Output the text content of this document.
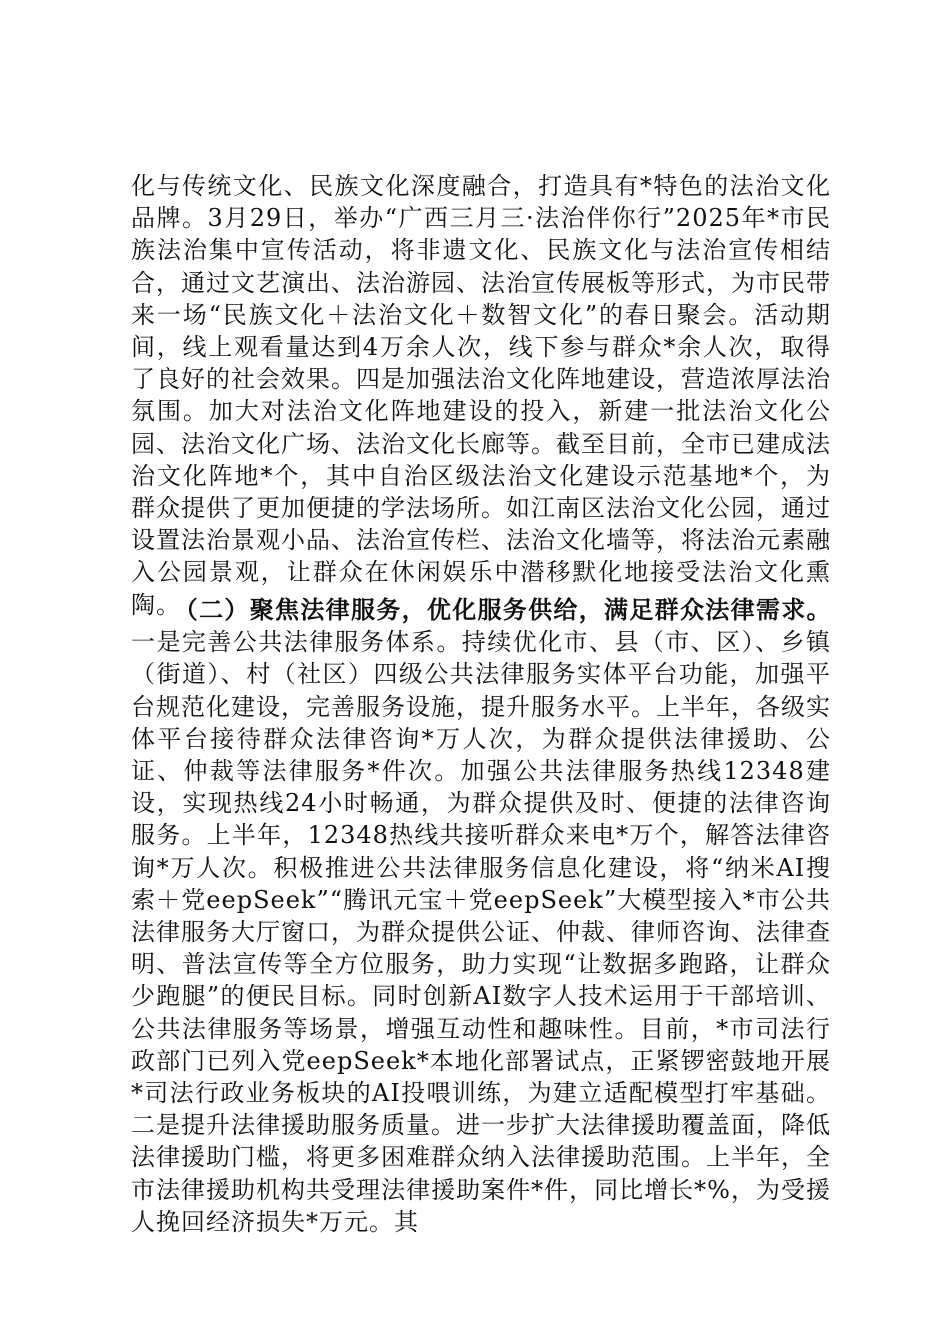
化与传统文化、民族文化深度融合，打造具有*特色的法治文化品牌。3月29日，举办“广西三月三·法治伴你行”2025年*市民族法治集中宣传活动，将非遗文化、民族文化与法治宣传相结合，通过文艺演出、法治游园、法治宣传展板等形式，为市民带来一场“民族文化＋法治文化＋数智文化”的春日聚会。活动期间，线上观看量达到4万余人次，线下参与群众*余人次，取得了良好的社会效果。四是加强法治文化阵地建设，营造浓厚法治氛围。加大对法治文化阵地建设的投入，新建一批法治文化公园、法治文化广场、法治文化长廊等。截至目前，全市已建成法治文化阵地*个，其中自治区级法治文化建设示范基地*个，为群众提供了更加便捷的学法场所。如江南区法治文化公园，通过设置法治景观小品、法治宣传栏、法治文化墙等，将法治元素融入公园景观，让群众在休闲娱乐中潜移默化地接受法治文化熏陶。

（二）聚焦法律服务，优化服务供给，满足群众法律需求。一是完善公共法律服务体系。持续优化市、县（市、区）、乡镇（街道）、村（社区）四级公共法律服务实体平台功能，加强平台规范化建设，完善服务设施，提升服务水平。上半年，各级实体平台接待群众法律咨询*万人次，为群众提供法律援助、公证、仲裁等法律服务*件次。加强公共法律服务热线12348建设，实现热线24小时畅通，为群众提供及时、便捷的法律咨询服务。上半年，12348热线共接听群众来电*万个，解答法律咨询*万人次。积极推进公共法律服务信息化建设，将“纳米AI搜索＋党eepSeek”“腾讯元宝＋党eepSeek”大模型接入*市公共法律服务大厅窗口，为群众提供公证、仲裁、律师咨询、法律查明、普法宣传等全方位服务，助力实现“让数据多跑路，让群众少跑腿”的便民目标。同时创新AI数字人技术运用于干部培训、公共法律服务等场景，增强互动性和趣味性。目前，*市司法行政部门已列入党eepSeek*本地化部署试点，正紧锣密鼓地开展*司法行政业务板块的AI投喂训练，为建立适配模型打牢基础。二是提升法律援助服务质量。进一步扩大法律援助覆盖面，降低法律援助门槛，将更多困难群众纳入法律援助范围。上半年，全市法律援助机构共受理法律援助案件*件，同比增长*%，为受援人挽回经济损失*万元。其
